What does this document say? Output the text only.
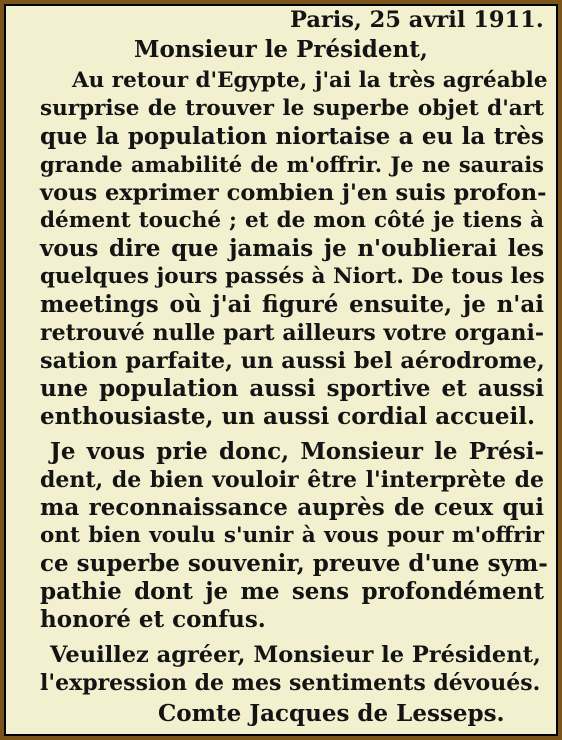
Paris, 25 avril 1911.
Monsieur le Président,
Au retour d'Egypte, j'ai la très agréable
surprise de trouver le superbe objet d'art
que la population niortaise a eu la très
grande amabilité de m'offrir. Je ne saurais
vous exprimer combien j'en suis profon-
dément touché ; et de mon côté je tiens à
vous dire que jamais je n'oublierai les
quelques jours passés à Niort. De tous les
meetings où j'ai figuré ensuite, je n'ai
retrouvé nulle part ailleurs votre organi-
sation parfaite, un aussi bel aérodrome,
une population aussi sportive et aussi
enthousiaste, un aussi cordial accueil.
Je vous prie donc, Monsieur le Prési-
dent, de bien vouloir être l'interprète de
ma reconnaissance auprès de ceux qui
ont bien voulu s'unir à vous pour m'offrir
ce superbe souvenir, preuve d'une sym-
pathie dont je me sens profondément
honoré et confus.
Veuillez agréer, Monsieur le Président,
l'expression de mes sentiments dévoués.
Comte Jacques de Lesseps.
